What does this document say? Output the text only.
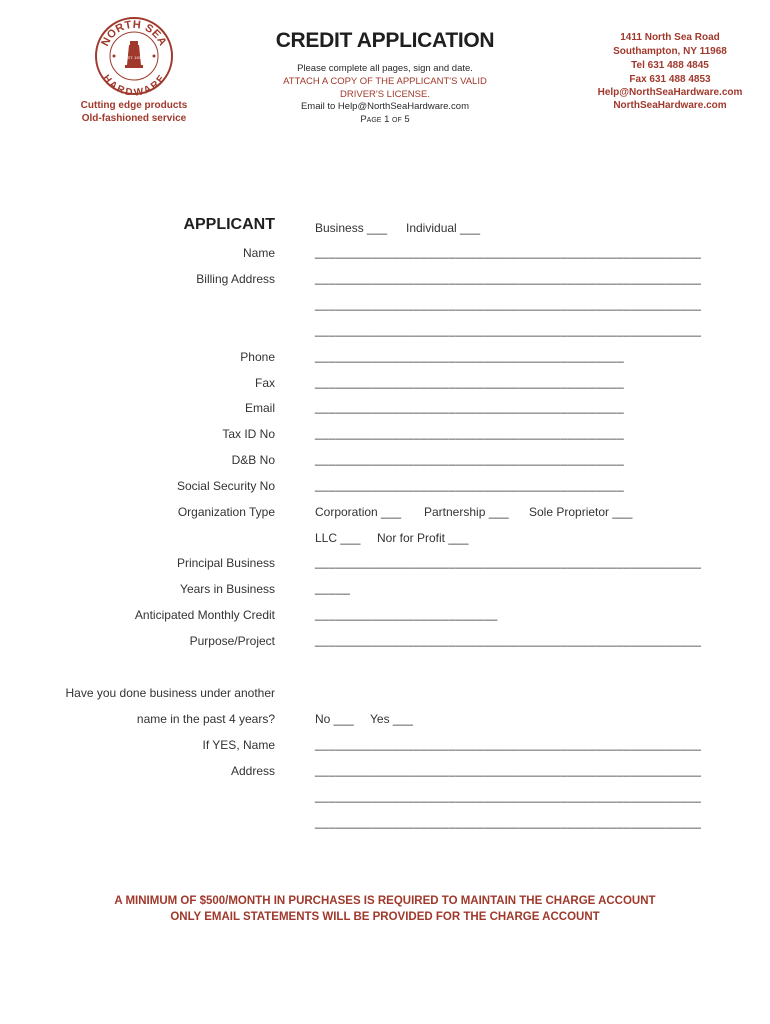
NORTH SEA
HARDWARE
EST. 1935
Cutting edge products
Old-fashioned service
CREDIT APPLICATION
Please complete all pages, sign and date.
ATTACH A COPY OF THE APPLICANT'S VALID
DRIVER'S LICENSE.
Email to Help@NorthSeaHardware.com
Page 1 of 5
1411 North Sea Road
Southampton, NY 11968
Tel 631 488 4845
Fax 631 488 4853
Help@NorthSeaHardware.com
NorthSeaHardware.com
APPLICANT	Business ___ Individual ___
Name	_______________________________________________________
Billing Address	_______________________________________________________
_______________________________________________________
_______________________________________________________
Phone	____________________________________________
Fax	____________________________________________
Email	____________________________________________
Tax ID No	____________________________________________
D&B No	____________________________________________
Social Security No	____________________________________________
Organization Type	Corporation ___ Partnership ___ Sole Proprietor ___
LLC ___ Nor for Profit ___
Principal Business	_______________________________________________________
Years in Business	_____
Anticipated Monthly Credit	__________________________
Purpose/Project	_______________________________________________________
Have you done business under another
name in the past 4 years?	No ___ Yes ___
If YES, Name	_______________________________________________________
Address	_______________________________________________________
_______________________________________________________
_______________________________________________________
A MINIMUM OF $500/MONTH IN PURCHASES IS REQUIRED TO MAINTAIN THE CHARGE ACCOUNT
ONLY EMAIL STATEMENTS WILL BE PROVIDED FOR THE CHARGE ACCOUNT
